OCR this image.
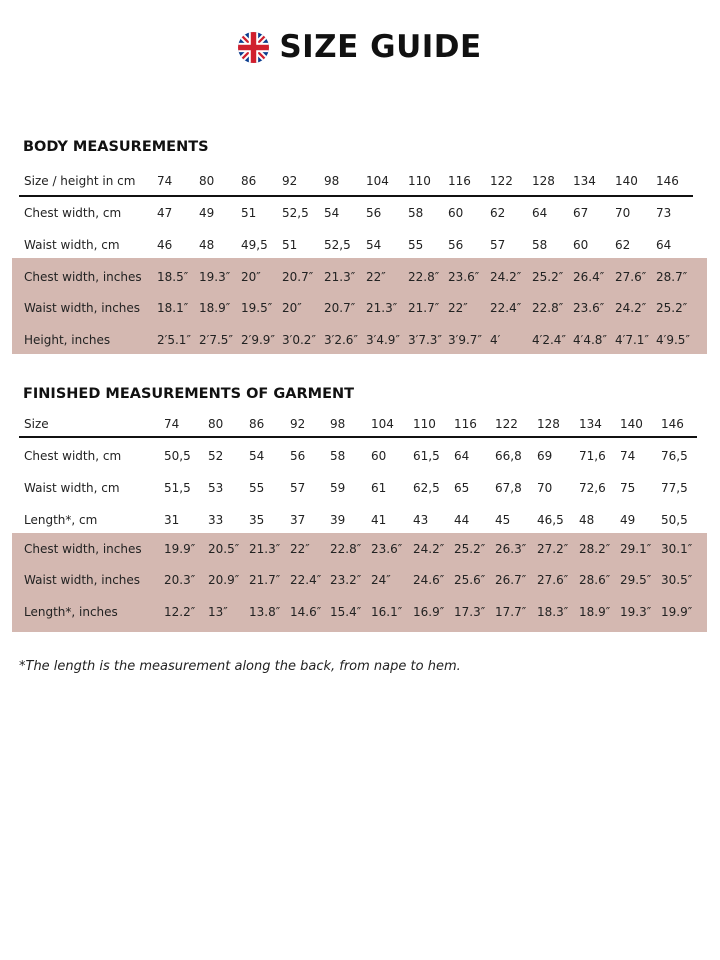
SIZE GUIDE
BODY MEASUREMENTS
Size / height in cm 74 80 86 92 98 104 110 116 122 128 134 140 146
Chest width, cm	47 49 51 52,5 54 56 58 60 62 64 67 70 73
Waist width, cm	46 48 49,5 51 52,5 54 55 56 57 58 60 62 64
Chest width, inches 18.5″ 19.3″ 20″ 20.7″ 21.3″ 22″ 22.8″ 23.6″ 24.2″ 25.2″ 26.4″ 27.6″ 28.7″
Waist width, inches 18.1″ 18.9″ 19.5″ 20″ 20.7″ 21.3″ 21.7″ 22″ 22.4″ 22.8″ 23.6″ 24.2″ 25.2″
Height, inches	2′5.1″ 2′7.5″ 2′9.9″ 3′0.2″ 3′2.6″ 3′4.9″ 3′7.3″ 3′9.7″ 4′	4′2.4″ 4′4.8″ 4′7.1″ 4′9.5″
FINISHED MEASUREMENTS OF GARMENT
Size	74 80 86 92 98 104 110 116 122 128 134 140 146
Chest width, cm	50,5 52 54 56 58 60 61,5 64 66,8 69 71,6 74 76,5
Waist width, cm	51,5 53 55 57 59 61 62,5 65 67,8 70 72,6 75 77,5
Length*, cm	31 33 35 37 39 41 43 44 45 46,5 48 49 50,5
Chest width, inches 19.9″ 20.5″ 21.3″ 22″ 22.8″ 23.6″ 24.2″ 25.2″ 26.3″ 27.2″ 28.2″ 29.1″ 30.1″
Waist width, inches 20.3″ 20.9″ 21.7″ 22.4″ 23.2″ 24″ 24.6″ 25.6″ 26.7″ 27.6″ 28.6″ 29.5″ 30.5″
Length*, inches	12.2″ 13″ 13.8″ 14.6″ 15.4″ 16.1″ 16.9″ 17.3″ 17.7″ 18.3″ 18.9″ 19.3″ 19.9″
*The length is the measurement along the back, from nape to hem.
